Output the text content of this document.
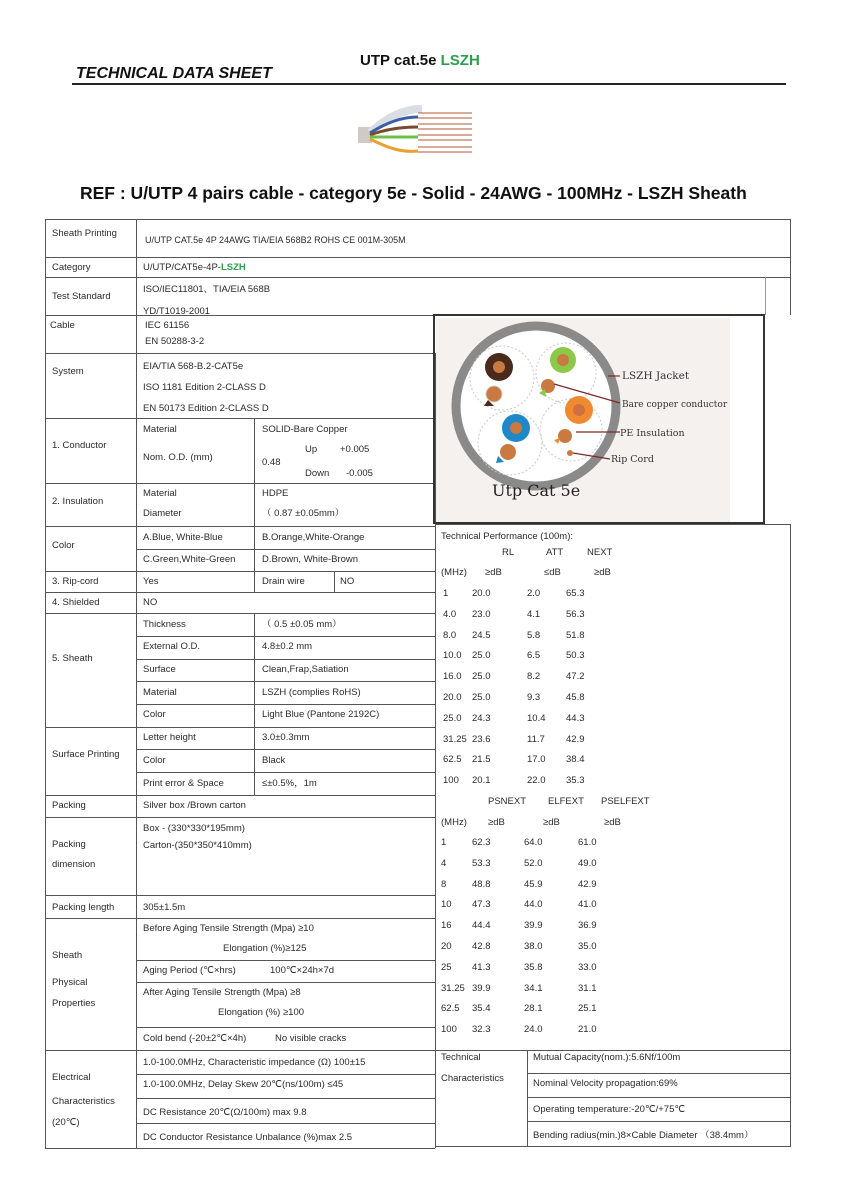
UTP cat.5e LSZH
TECHNICAL DATA SHEET
REF : U/UTP 4 pairs cable - category 5e - Solid - 24AWG - 100MHz - LSZH Sheath
Sheath Printing
U/UTP CAT.5e 4P 24AWG TIA/EIA 568B2 ROHS CE 001M-305M
Category	U/UTP/CAT5e-4P-LSZH
Test Standard
ISO/IEC11801、TIA/EIA 568B
YD/T1019-2001
Cable	IEC 61156
EN 50288-3-2
System	EIA/TIA 568-B.2-CAT5e
ISO 1181 Edition 2-CLASS D
EN 50173 Edition 2-CLASS D
1. Conductor
Material	SOLID-Bare Copper
Nom. O.D. (mm)	0.48
Up +0.005
Down -0.005
2. Insulation
Material	HDPE
Diameter	（ 0.87 ±0.05mm）
Color
A.Blue, White-Blue	B.Orange,White-Orange
C.Green,White-Green	D.Brown, White-Brown
3. Rip-cord	Yes	Drain wire	NO
4. Shielded	NO
5. Sheath
Thickness	（ 0.5 ±0.05 mm）
External O.D.	4.8±0.2 mm
Surface	Clean,Frap,Satiation
Material	LSZH (complies RoHS)
Color	Light Blue (Pantone 2192C)
Surface Printing
Letter height	3.0±0.3mm
Color	Black
Print error & Space	≤±0.5%，1m
Packing	Silver box /Brown carton
Packing
dimension
Box - (330*330*195mm)
Carton-(350*350*410mm)
Packing length	305±1.5m
Sheath
Physical
Properties
Before Aging Tensile Strength (Mpa) ≥10
Elongation (%)≥125
Aging Period (℃×hrs)	100℃×24h×7d
After Aging Tensile Strength (Mpa) ≥8
Elongation (%) ≥100
Cold bend (-20±2℃×4h)	No visible cracks
Electrical
Characteristics
(20℃)
1.0-100.0MHz, Characteristic impedance (Ω) 100±15
1.0-100.0MHz, Delay Skew 20℃(ns/100m) ≤45
DC Resistance 20℃(Ω/100m) max 9.8
DC Conductor Resistance Unbalance (%)max 2.5
LSZH Jacket
Bare copper conductor
PE Insulation
Rip Cord
Utp Cat 5e
Technical Performance (100m):
RL	ATT	NEXT
(MHz) ≥dB	≤dB	≥dB
1 20.0	2.0	65.3
4.0 23.0	4.1	56.3
8.0 24.5	5.8	51.8
10.0 25.0	6.5	50.3
16.0 25.0	8.2	47.2
20.0 25.0	9.3	45.8
25.0 24.3	10.4 44.3
31.25 23.6	11.7 42.9
62.5 21.5	17.0 38.4
100 20.1	22.0 35.3
PSNEXT ELFEXT PSELFEXT
(MHz) ≥dB	≥dB	≥dB
1	62.3	64.0	61.0
4	53.3	52.0	49.0
8	48.8	45.9	42.9
10 47.3	44.0	41.0
16 44.4	39.9	36.9
20 42.8	38.0	35.0
25 41.3	35.8	33.0
31.25 39.9	34.1	31.1
62.5 35.4	28.1	25.1
100 32.3	24.0	21.0
Technical
Characteristics
Mutual Capacity(nom.):5.6Nf/100m
Nominal Velocity propagation:69%
Operating temperature:-20℃/+75℃
Bending radius(min.)8×Cable Diameter （38.4mm）
